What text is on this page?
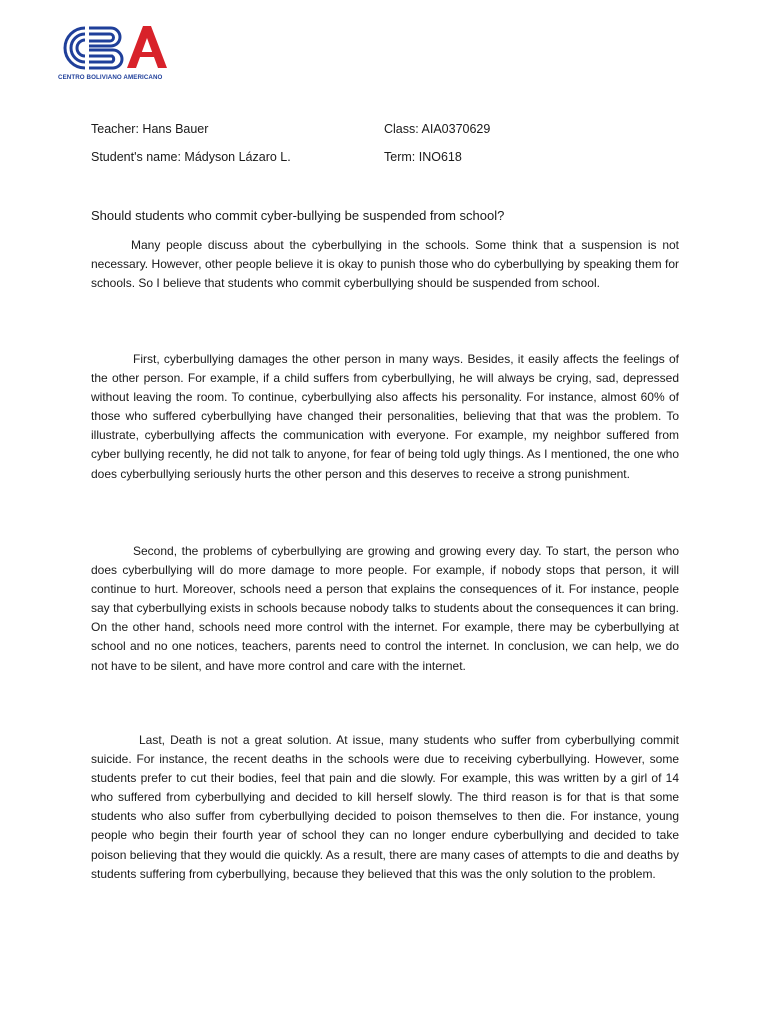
CENTRO BOLIVIANO AMERICANO
Teacher: Hans Bauer	Class: AIA0370629
Student's name: Mádyson Lázaro L.	Term: INO618
Should students who commit cyber-bullying be suspended from school?

Many people discuss about the cyberbullying in the schools. Some think that a suspension is not necessary. However, other people believe it is okay to punish those who do cyberbullying by speaking them for schools. So I believe that students who commit cyberbullying should be suspended from school.

First, cyberbullying damages the other person in many ways. Besides, it easily affects the feelings of the other person. For example, if a child suffers from cyberbullying, he will always be crying, sad, depressed without leaving the room. To continue, cyberbullying also affects his personality. For instance, almost 60% of those who suffered cyberbullying have changed their personalities, believing that that was the problem. To illustrate, cyberbullying affects the communication with everyone. For example, my neighbor suffered from cyber bullying recently, he did not talk to anyone, for fear of being told ugly things. As I mentioned, the one who does cyberbullying seriously hurts the other person and this deserves to receive a strong punishment.

Second, the problems of cyberbullying are growing and growing every day. To start, the person who does cyberbullying will do more damage to more people. For example, if nobody stops that person, it will continue to hurt. Moreover, schools need a person that explains the consequences of it. For instance, people say that cyberbullying exists in schools because nobody talks to students about the consequences it can bring. On the other hand, schools need more control with the internet. For example, there may be cyberbullying at school and no one notices, teachers, parents need to control the internet. In conclusion, we can help, we do not have to be silent, and have more control and care with the internet.

Last, Death is not a great solution. At issue, many students who suffer from cyberbullying commit suicide. For instance, the recent deaths in the schools were due to receiving cyberbullying. However, some students prefer to cut their bodies, feel that pain and die slowly. For example, this was written by a girl of 14 who suffered from cyberbullying and decided to kill herself slowly. The third reason is for that is that some students who also suffer from cyberbullying decided to poison themselves to then die. For instance, young people who begin their fourth year of school they can no longer endure cyberbullying and decided to take poison believing that they would die quickly. As a result, there are many cases of attempts to die and deaths by students suffering from cyberbullying, because they believed that this was the only solution to the problem.
